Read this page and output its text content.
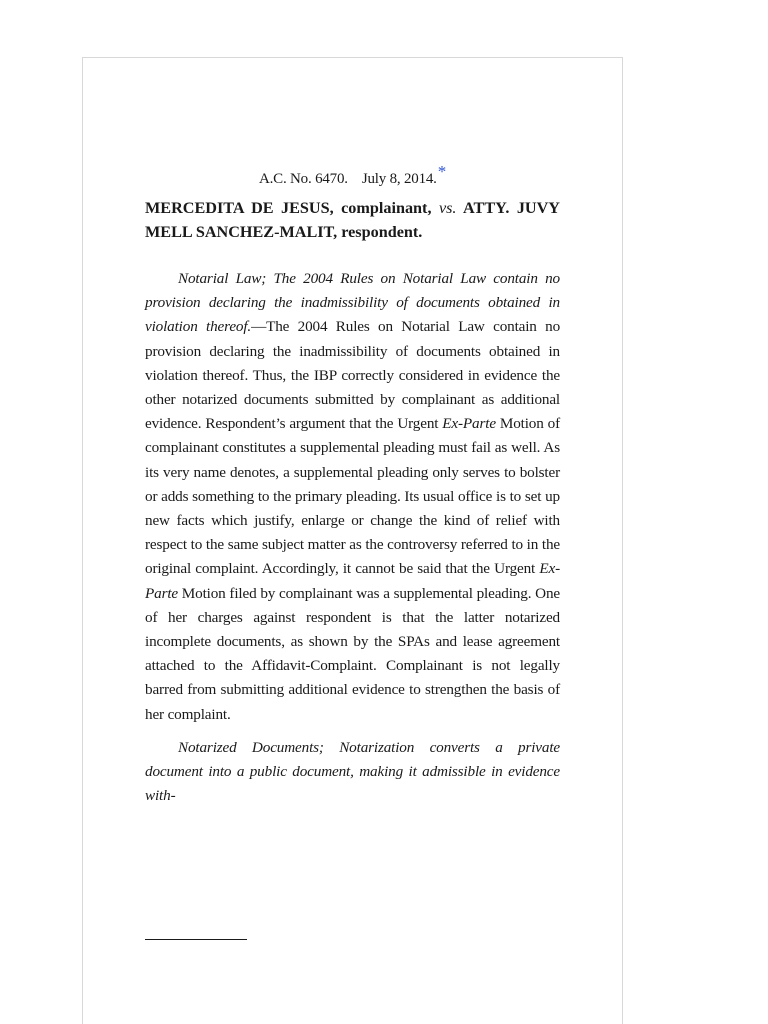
A.C. No. 6470. July 8, 2014.*
MERCEDITA DE JESUS, complainant, vs. ATTY. JUVY MELL SANCHEZ-MALIT, respondent.

Notarial Law; The 2004 Rules on Notarial Law contain no provision declaring the inadmissibility of documents obtained in violation thereof.—The 2004 Rules on Notarial Law contain no provision declaring the inadmissibility of documents obtained in violation thereof. Thus, the IBP correctly considered in evidence the other notarized documents submitted by complainant as additional evidence. Respondent’s argument that the Urgent Ex-Parte Motion of complainant constitutes a supplemental pleading must fail as well. As its very name denotes, a supplemental pleading only serves to bolster or adds something to the primary pleading. Its usual office is to set up new facts which justify, enlarge or change the kind of relief with respect to the same subject matter as the controversy referred to in the original complaint. Accordingly, it cannot be said that the Urgent Ex-Parte Motion filed by complainant was a supplemental pleading. One of her charges against respondent is that the latter notarized incomplete documents, as shown by the SPAs and lease agreement attached to the Affidavit-Complaint. Complainant is not legally barred from submitting additional evidence to strengthen the basis of her complaint.

Notarized Documents; Notarization converts a private document into a public document, making it admissible in evidence with-
